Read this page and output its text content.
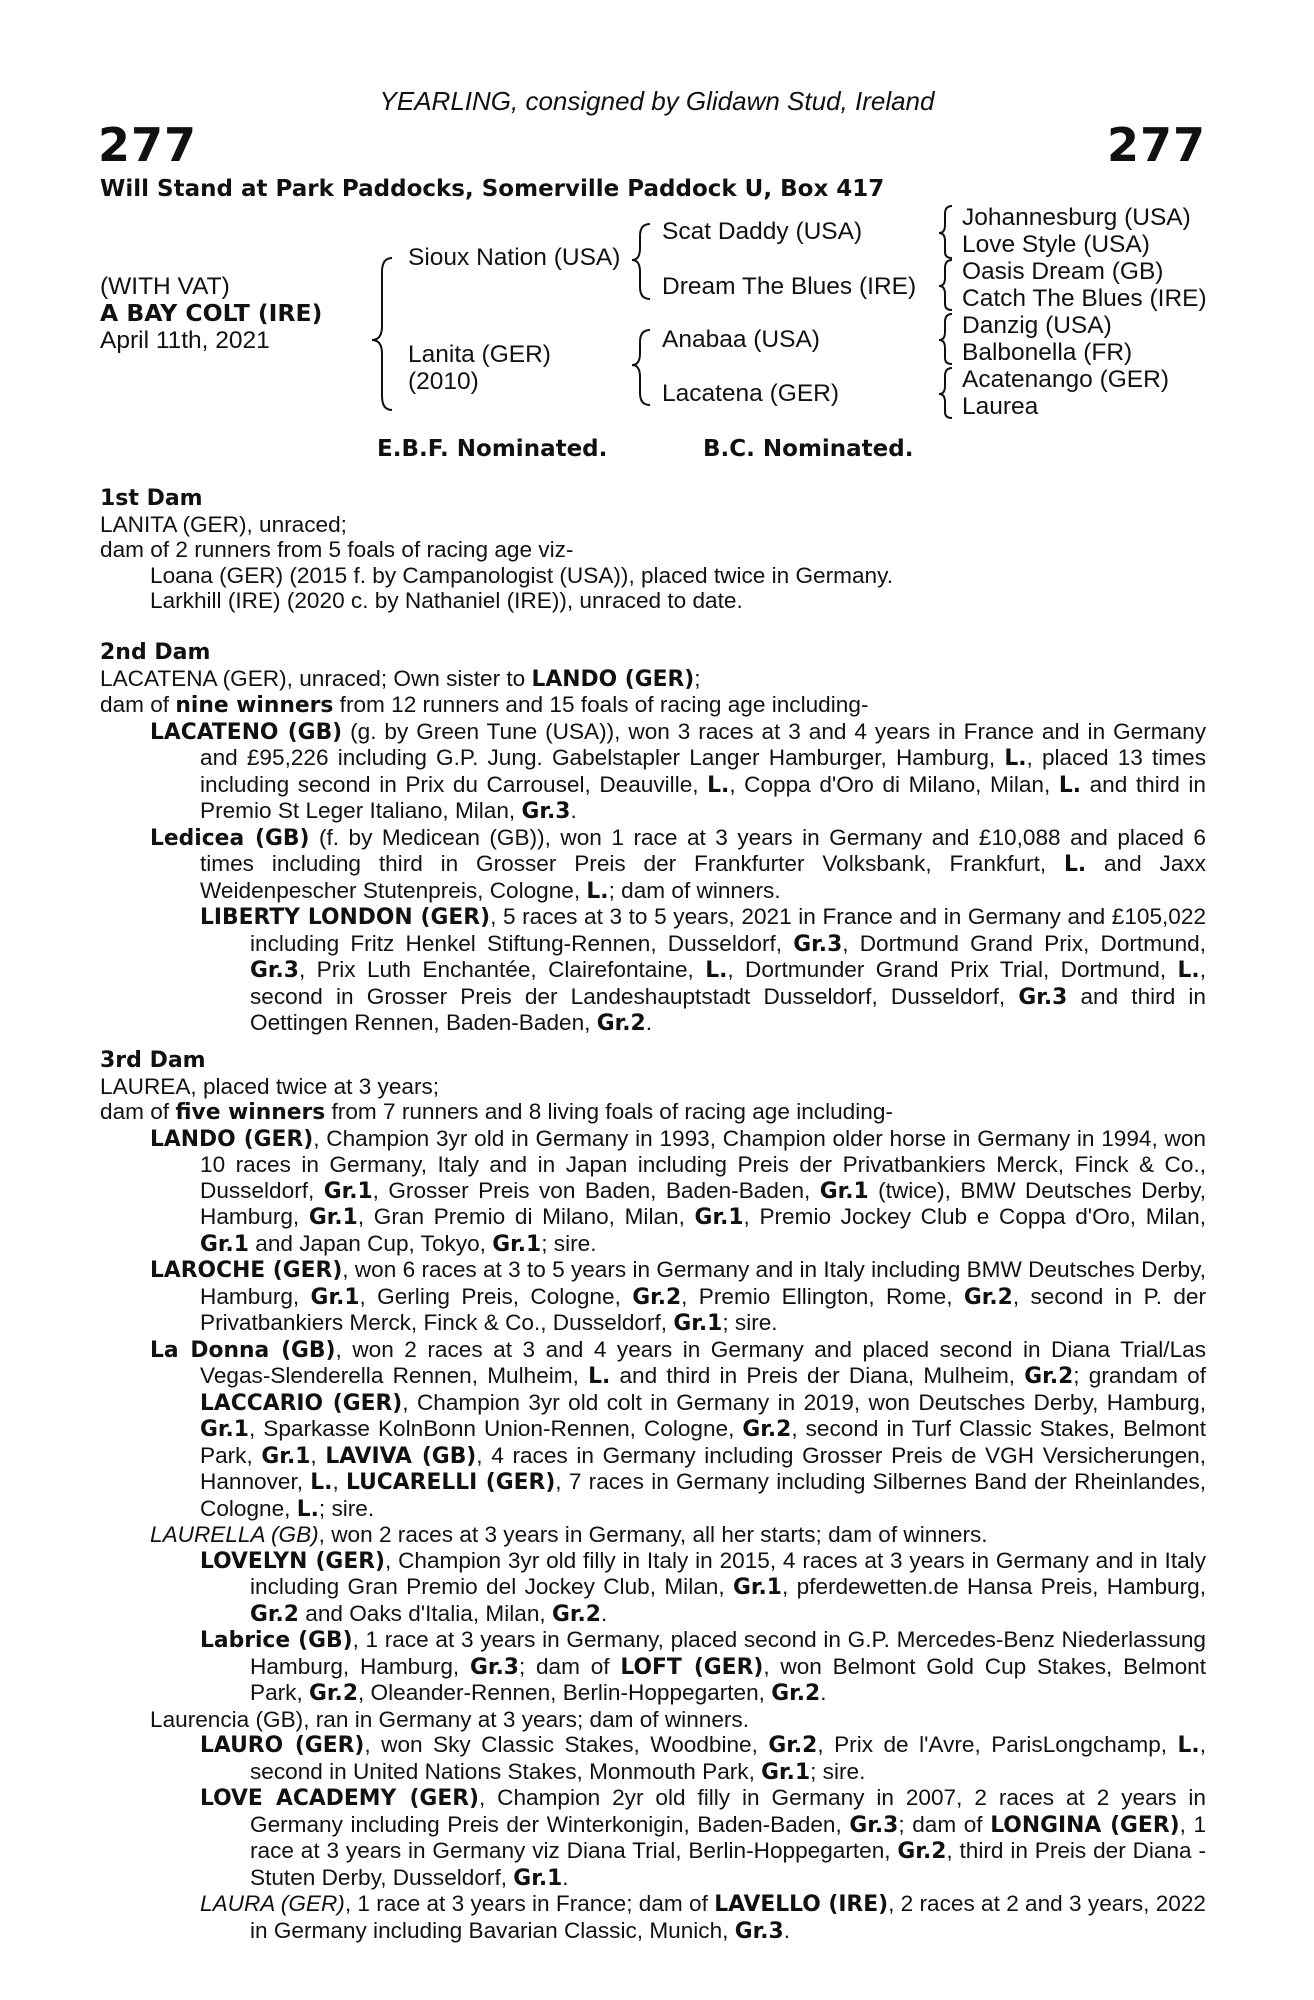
YEARLING, consigned by Glidawn Stud, Ireland
277	277
Will Stand at Park Paddocks, Somerville Paddock U, Box 417
(WITH VAT)
A BAY COLT (IRE)
April 11th, 2021
Sioux Nation (USA)
Lanita (GER)
(2010)
Scat Daddy (USA)
Dream The Blues (IRE)
Anabaa (USA)
Lacatena (GER)
Johannesburg (USA)
Love Style (USA)
Oasis Dream (GB)
Catch The Blues (IRE)
Danzig (USA)
Balbonella (FR)
Acatenango (GER)
Laurea
E.B.F. Nominated.	B.C. Nominated.

1st Dam

LANITA (GER), unraced;

dam of 2 runners from 5 foals of racing age viz-

Loana (GER) (2015 f. by Campanologist (USA)), placed twice in Germany.

Larkhill (IRE) (2020 c. by Nathaniel (IRE)), unraced to date.

2nd Dam

LACATENA (GER), unraced; Own sister to LANDO (GER);

dam of nine winners from 12 runners and 15 foals of racing age including-

LACATENO (GB) (g. by Green Tune (USA)), won 3 races at 3 and 4 years in France and in Germany and £95,226 including G.P. Jung. Gabelstapler Langer Hamburger, Hamburg, L., placed 13 times including second in Prix du Carrousel, Deauville, L., Coppa d'Oro di Milano, Milan, L. and third in Premio St Leger Italiano, Milan, Gr.3.

Ledicea (GB) (f. by Medicean (GB)), won 1 race at 3 years in Germany and £10,088 and placed 6 times including third in Grosser Preis der Frankfurter Volksbank, Frankfurt, L. and Jaxx Weidenpescher Stutenpreis, Cologne, L.; dam of winners.

LIBERTY LONDON (GER), 5 races at 3 to 5 years, 2021 in France and in Germany and £105,022 including Fritz Henkel Stiftung-Rennen, Dusseldorf, Gr.3, Dortmund Grand Prix, Dortmund, Gr.3, Prix Luth Enchantée, Clairefontaine, L., Dortmunder Grand Prix Trial, Dortmund, L., second in Grosser Preis der Landeshauptstadt Dusseldorf, Dusseldorf, Gr.3 and third in Oettingen Rennen, Baden-Baden, Gr.2.

3rd Dam

LAUREA, placed twice at 3 years;

dam of five winners from 7 runners and 8 living foals of racing age including-

LANDO (GER), Champion 3yr old in Germany in 1993, Champion older horse in Germany in 1994, won 10 races in Germany, Italy and in Japan including Preis der Privatbankiers Merck, Finck & Co., Dusseldorf, Gr.1, Grosser Preis von Baden, Baden-Baden, Gr.1 (twice), BMW Deutsches Derby, Hamburg, Gr.1, Gran Premio di Milano, Milan, Gr.1, Premio Jockey Club e Coppa d'Oro, Milan, Gr.1 and Japan Cup, Tokyo, Gr.1; sire.

LAROCHE (GER), won 6 races at 3 to 5 years in Germany and in Italy including BMW Deutsches Derby, Hamburg, Gr.1, Gerling Preis, Cologne, Gr.2, Premio Ellington, Rome, Gr.2, second in P. der Privatbankiers Merck, Finck & Co., Dusseldorf, Gr.1; sire.

La Donna (GB), won 2 races at 3 and 4 years in Germany and placed second in Diana Trial/Las Vegas-Slenderella Rennen, Mulheim, L. and third in Preis der Diana, Mulheim, Gr.2; grandam of LACCARIO (GER), Champion 3yr old colt in Germany in 2019, won Deutsches Derby, Hamburg, Gr.1, Sparkasse KolnBonn Union-Rennen, Cologne, Gr.2, second in Turf Classic Stakes, Belmont Park, Gr.1, LAVIVA (GB), 4 races in Germany including Grosser Preis de VGH Versicherungen, Hannover, L., LUCARELLI (GER), 7 races in Germany including Silbernes Band der Rheinlandes, Cologne, L.; sire.

LAURELLA (GB), won 2 races at 3 years in Germany, all her starts; dam of winners.

LOVELYN (GER), Champion 3yr old filly in Italy in 2015, 4 races at 3 years in Germany and in Italy including Gran Premio del Jockey Club, Milan, Gr.1, pferdewetten.de Hansa Preis, Hamburg, Gr.2 and Oaks d'Italia, Milan, Gr.2.

Labrice (GB), 1 race at 3 years in Germany, placed second in G.P. Mercedes-Benz Niederlassung Hamburg, Hamburg, Gr.3; dam of LOFT (GER), won Belmont Gold Cup Stakes, Belmont Park, Gr.2, Oleander-Rennen, Berlin-Hoppegarten, Gr.2.

Laurencia (GB), ran in Germany at 3 years; dam of winners.

LAURO (GER), won Sky Classic Stakes, Woodbine, Gr.2, Prix de l'Avre, ParisLongchamp, L., second in United Nations Stakes, Monmouth Park, Gr.1; sire.

LOVE ACADEMY (GER), Champion 2yr old filly in Germany in 2007, 2 races at 2 years in Germany including Preis der Winterkonigin, Baden-Baden, Gr.3; dam of LONGINA (GER), 1 race at 3 years in Germany viz Diana Trial, Berlin-Hoppegarten, Gr.2, third in Preis der Diana - Stuten Derby, Dusseldorf, Gr.1.

LAURA (GER), 1 race at 3 years in France; dam of LAVELLO (IRE), 2 races at 2 and 3 years, 2022 in Germany including Bavarian Classic, Munich, Gr.3.
